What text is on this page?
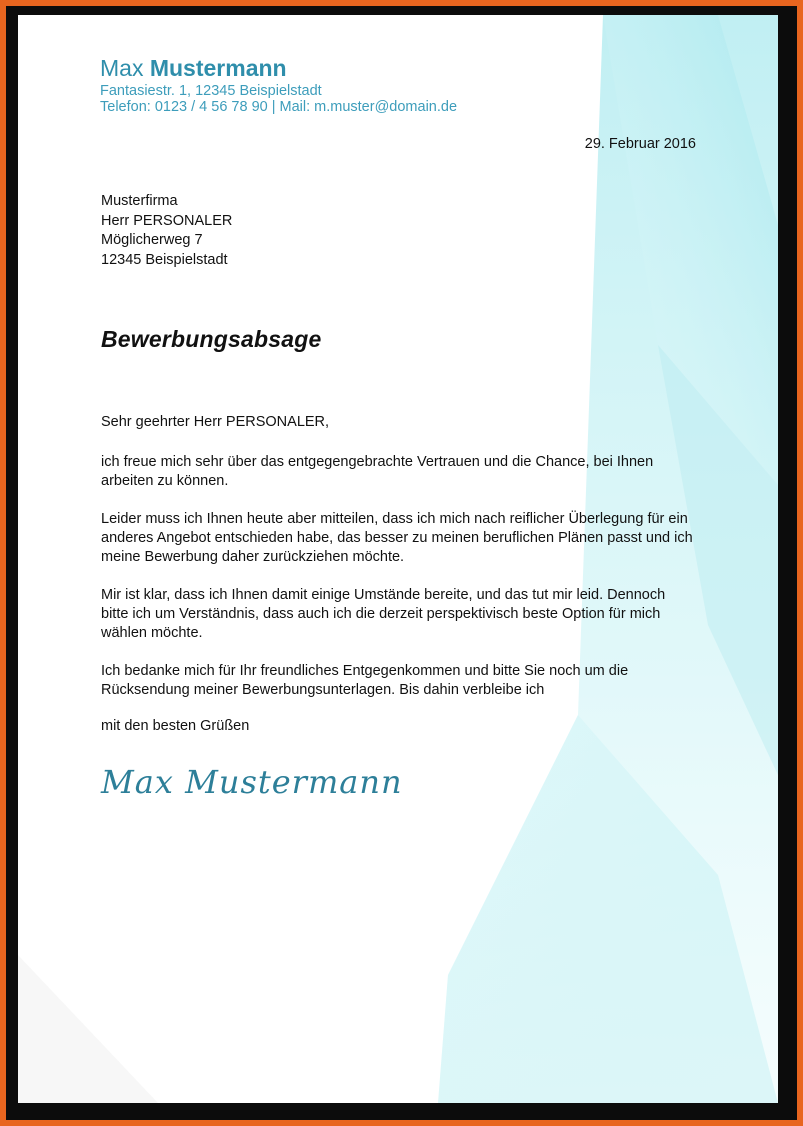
Max Mustermann
Fantasiestr. 1, 12345 Beispielstadt
Telefon: 0123 / 4 56 78 90 | Mail: m.muster@domain.de
29. Februar 2016
Musterfirma
Herr PERSONALER
Möglicherweg 7
12345 Beispielstadt
Bewerbungsabsage
Sehr geehrter Herr PERSONALER,
ich freue mich sehr über das entgegengebrachte Vertrauen und die Chance, bei Ihnen arbeiten zu können.
Leider muss ich Ihnen heute aber mitteilen, dass ich mich nach reiflicher Überlegung für ein anderes Angebot entschieden habe, das besser zu meinen beruflichen Plänen passt und ich meine Bewerbung daher zurückziehen möchte.
Mir ist klar, dass ich Ihnen damit einige Umstände bereite, und das tut mir leid. Dennoch bitte ich um Verständnis, dass auch ich die derzeit perspektivisch beste Option für mich wählen möchte.
Ich bedanke mich für Ihr freundliches Entgegenkommen und bitte Sie noch um die Rücksendung meiner Bewerbungsunterlagen. Bis dahin verbleibe ich
mit den besten Grüßen
Max Mustermann
